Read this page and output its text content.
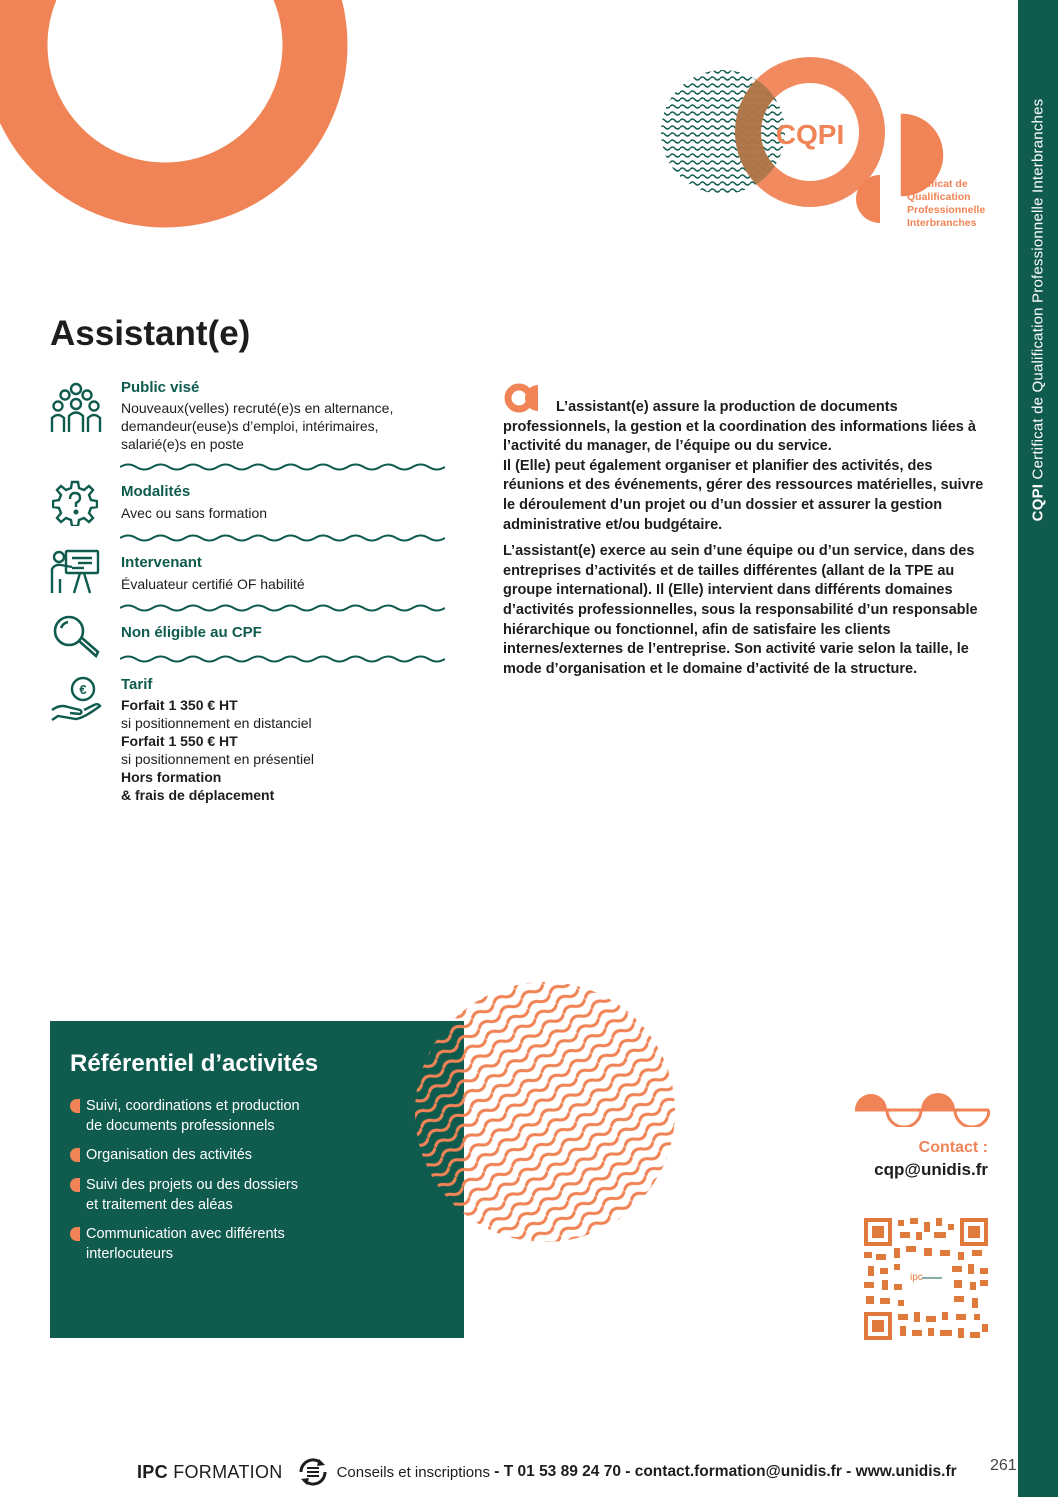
CQPI
Certificat de
Qualification
Professionnelle
Interbranches
CQPI Certificat de Qualification Professionnelle Interbranches
Assistant(e)
Public visé
Nouveaux(velles) recruté(e)s en alternance,
demandeur(euse)s d’emploi, intérimaires,
salarié(e)s en poste
Modalités
Avec ou sans formation
Intervenant
Évaluateur certifié OF habilité
Non éligible au CPF
€ Tarif
Forfait 1 350 € HT
si positionnement en distanciel
Forfait 1 550 € HT
si positionnement en présentiel
Hors formation
& frais de déplacement

L’assistant(e) assure la production de documents professionnels, la gestion et la coordination des informations liées à l’activité du manager, de l’équipe ou du service.

Il (Elle) peut également organiser et planifier des activités, des réunions et des événements, gérer des ressources matérielles, suivre le déroulement d’un projet ou d’un dossier et assurer la gestion administrative et/ou budgétaire.

L’assistant(e) exerce au sein d’une équipe ou d’un service, dans des entreprises d’activités et de tailles différentes (allant de la TPE au groupe international). Il (Elle) intervient dans différents domaines d’activités professionnelles, sous la responsabilité d’un responsable hiérarchique ou fonctionnel, afin de satisfaire les clients internes/externes de l’entreprise. Son activité varie selon la taille, le mode d’organisation et le domaine d’activité de la structure.

Référentiel d’activités
Suivi, coordinations et production
de documents professionnels
Organisation des activités
Suivi des projets ou des dossiers
et traitement des aléas
Communication avec différents
interlocuteurs
Contact :
cqp@unidis.fr
ipc
IPC FORMATION	Conseils et inscriptions - T 01 53 89 24 70 - contact.formation@unidis.fr - www.unidis.fr 261
